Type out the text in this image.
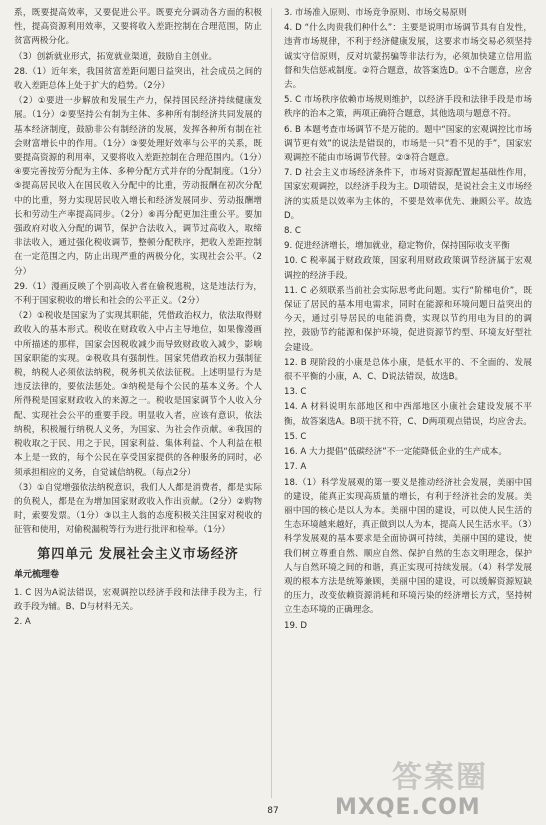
系，既要提高效率，又要促进公平。既要充分调动各方面的积极性，提高资源利用效率，又要将收入差距控制在合理范围，防止贫富两极分化。

（3）创新就业形式，拓宽就业渠道，鼓励自主创业。

28.（1）近年来，我国贫富差距问题日益突出，社会成员之间的收入差距总体上处于扩大的趋势。（2分）

（2）①要进一步解放和发展生产力，保持国民经济持续健康发展。（1分）②要坚持公有制为主体、多种所有制经济共同发展的基本经济制度，鼓励非公有制经济的发展，发挥各种所有制在社会财富增长中的作用。（1分）③要处理好效率与公平的关系，既要提高资源的利用率，又要将收入差距控制在合理范围内。（1分）④要完善按劳分配为主体、多种分配方式并存的分配制度。（1分）⑤提高居民收入在国民收入分配中的比重，劳动报酬在初次分配中的比重，努力实现居民收入增长和经济发展同步、劳动报酬增长和劳动生产率提高同步。（2分）⑥再分配更加注重公平。要加强政府对收入分配的调节，保护合法收入，调节过高收入，取缔非法收入，通过强化税收调节，整顿分配秩序，把收入差距控制在一定范围之内，防止出现严重的两极分化，实现社会公平。（2分）

29.（1）漫画反映了个别高收入者在偷税逃税，这是违法行为，不利于国家税收的增长和社会的公平正义。（2分）

（2）①税收是国家为了实现其职能，凭借政治权力，依法取得财政收入的基本形式。税收在财政收入中占主导地位，如果像漫画中所描述的那样，国家会因税收减少而导致财政收入减少，影响国家职能的实现。②税收具有强制性。国家凭借政治权力强制征税，纳税人必须依法纳税，税务机关依法征税。上述明显行为是违反法律的，要依法惩处。③纳税是每个公民的基本义务。个人所得税是国家财政收入的来源之一。税收是国家调节个人收入分配、实现社会公平的重要手段。明显收入者，应该有意识，依法纳税，积极履行纳税人义务，为国家、为社会作贡献。④我国的税收取之于民、用之于民，国家利益、集体利益、个人利益在根本上是一致的，每个公民在享受国家提供的各种服务的同时，必须承担相应的义务，自觉诚信纳税。（每点2分）

（3）①自觉增强依法纳税意识，我们人人都是消费者，都是实际的负税人，都是在为增加国家财政收入作出贡献。（2分）②购物时，索要发票。（1分）③以主人翁的态度积极关注国家对税收的征管和使用，对偷税漏税等行为进行批评和检举。（1分）

第四单元 发展社会主义市场经济
单元梳理卷

1. C 因为A说法错误，宏观调控以经济手段和法律手段为主，行政手段为辅。B、D与材料无关。

2. A

3. 市场准入原则、市场竞争原则、市场交易原则

4. D “什么肉贵我们种什么”：主要是说明市场调节具有自发性，违背市场规律，不利于经济健康发展，这要求市场交易必须坚持诚实守信原则，反对坑蒙拐骗等非法行为，必须加快建立信用监督和失信惩戒制度。②符合题意，故答案选D。①不合题意，应舍去。

5. C 市场秩序依赖市场规则维护，以经济手段和法律手段是市场秩序的治本之策，两项正确符合题意，其他选项与题意不符。

6. B 本题考查市场调节不是万能的。题中“国家的宏观调控比市场调节更有效”的说法是错误的，市场是一只“看不见的手”，国家宏观调控不能由市场调节代替。②③符合题意。

7. D 社会主义市场经济条件下，市场对资源配置起基础性作用，国家宏观调控，以经济手段为主。D项错误，是说社会主义市场经济的实质是以效率为主体的，不要是效率优先、兼顾公平。故选D。

8. C

9. 促进经济增长，增加就业，稳定物价，保持国际收支平衡

10. C 税率属于财政政策，国家利用财政政策调节经济属于宏观调控的经济手段。

11. C 必须联系当前社会实际思考此问题。实行“阶梯电价”，既保证了居民的基本用电需求，同时在能源和环境问题日益突出的今天，通过引导居民的电能消费，实现以节约用电为目的的调控，鼓励节约能源和保护环境，促进资源节约型、环境友好型社会建设。

12. B 现阶段的小康是总体小康，是低水平的、不全面的、发展很不平衡的小康，A、C、D说法错误，故选B。

13. C

14. A 材料说明东部地区和中西部地区小康社会建设发展不平衡，故答案选A。B项干扰不符，C、D两项观点错误，均应舍去。

15. C

16. A 大力提倡“低碳经济”不一定能降低企业的生产成本。

17. A

18.（1）科学发展观的第一要义是推动经济社会发展，美丽中国的建设，能真正实现高质量的增长，有利于经济社会的发展。美丽中国的核心是以人为本。美丽中国的建设，可以使人民生活的生态环境越来越好，真正做到以人为本，提高人民生活水平。（3）科学发展观的基本要求是全面协调可持续，美丽中国的建设，使我们树立尊重自然、顺应自然、保护自然的生态文明理念，保护人与自然环境之间的和谐，真正实现可持续发展。（4）科学发展观的根本方法是统筹兼顾，美丽中国的建设，可以缓解资源短缺的压力，改变依赖资源消耗和环境污染的经济增长方式，坚持树立生态环境的正确理念。

19. D

87
答案圈
MXQE.COM
